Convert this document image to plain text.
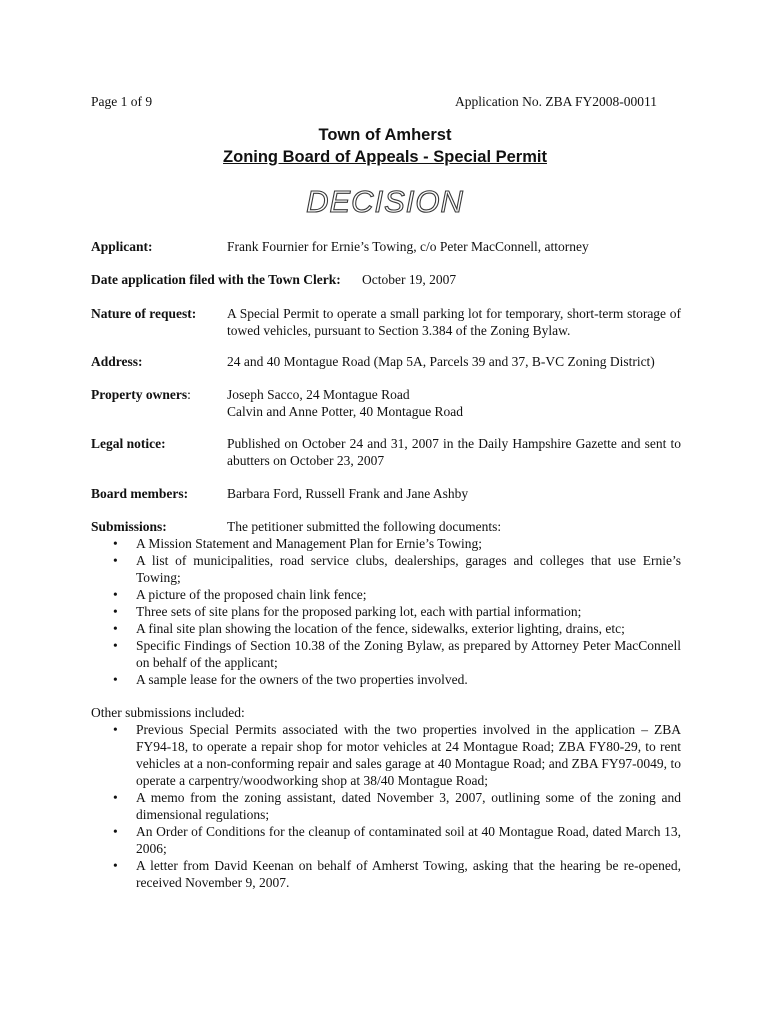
Page 1 of 9	Application No. ZBA FY2008-00011
Town of Amherst
Zoning Board of Appeals - Special Permit
DECISION
Applicant:	Frank Fournier for Ernie’s Towing, c/o Peter MacConnell, attorney
Date application filed with the Town Clerk: October 19, 2007
Nature of request: A Special Permit to operate a small parking lot for temporary, short-term storage of towed vehicles, pursuant to Section 3.384 of the Zoning Bylaw.
Address:	24 and 40 Montague Road (Map 5A, Parcels 39 and 37, B-VC Zoning District)
Property owners:	Joseph Sacco, 24 Montague Road
Calvin and Anne Potter, 40 Montague Road
Legal notice:	Published on October 24 and 31, 2007 in the Daily Hampshire Gazette and sent to abutters on October 23, 2007
Board members:	Barbara Ford, Russell Frank and Jane Ashby
Submissions:	The petitioner submitted the following documents:
• A Mission Statement and Management Plan for Ernie’s Towing;
• A list of municipalities, road service clubs, dealerships, garages and colleges that use Ernie’s Towing;
• A picture of the proposed chain link fence;
• Three sets of site plans for the proposed parking lot, each with partial information;
• A final site plan showing the location of the fence, sidewalks, exterior lighting, drains, etc;
• Specific Findings of Section 10.38 of the Zoning Bylaw, as prepared by Attorney Peter MacConnell on behalf of the applicant;
• A sample lease for the owners of the two properties involved.
Other submissions included:
• Previous Special Permits associated with the two properties involved in the application – ZBA FY94-18, to operate a repair shop for motor vehicles at 24 Montague Road; ZBA FY80-29, to rent vehicles at a non-conforming repair and sales garage at 40 Montague Road; and ZBA FY97-0049, to operate a carpentry/woodworking shop at 38/40 Montague Road;
• A memo from the zoning assistant, dated November 3, 2007, outlining some of the zoning and dimensional regulations;
• An Order of Conditions for the cleanup of contaminated soil at 40 Montague Road, dated March 13, 2006;
• A letter from David Keenan on behalf of Amherst Towing, asking that the hearing be re-opened, received November 9, 2007.
